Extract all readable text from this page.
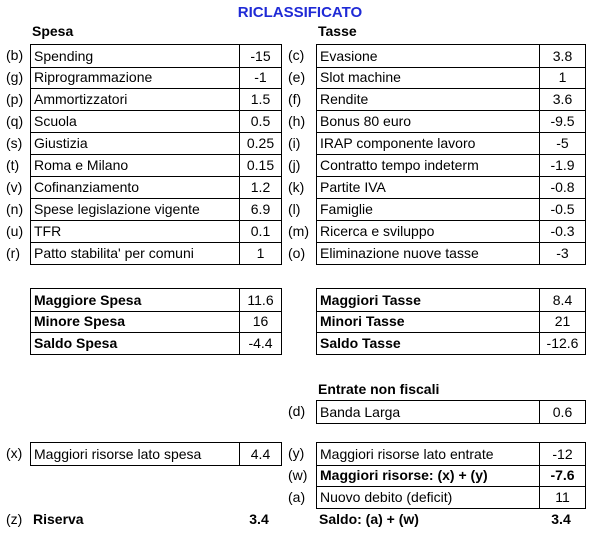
RICLASSIFICATO
Spesa	Tasse
(b) Spending	-15
(g) Riprogrammazione	-1
(p) Ammortizzatori	1.5
(q) Scuola	0.5
(s) Giustizia	0.25
(t)	Roma e Milano	0.15
(v) Cofinanziamento	1.2
(n) Spese legislazione vigente	6.9
(u) TFR	0.1
(r)	Patto stabilita' per comuni	1
(c)	Evasione	3.8
(e)	Slot machine	1
(f)	Rendite	3.6
(h)	Bonus 80 euro	-9.5
(i)	IRAP componente lavoro	-5
(j)	Contratto tempo indeterm	-1.9
(k)	Partite IVA	-0.8
(l)	Famiglie	-0.5
(m) Ricerca e sviluppo	-0.3
(o)	Eliminazione nuove tasse	-3
Maggiore Spesa	11.6
Minore Spesa	16
Saldo Spesa	-4.4
Maggiori Tasse	8.4
Minori Tasse	21
Saldo Tasse	-12.6
Entrate non fiscali
(d)	Banda Larga	0.6
(x) Maggiori risorse lato spesa	4.4	(y)	Maggiori risorse lato entrate	-12
(w) Maggiori risorse: (x) + (y)	-7.6
(a)	Nuovo debito (deficit)	11
(z) Riserva	3.4	Saldo: (a) + (w)	3.4
